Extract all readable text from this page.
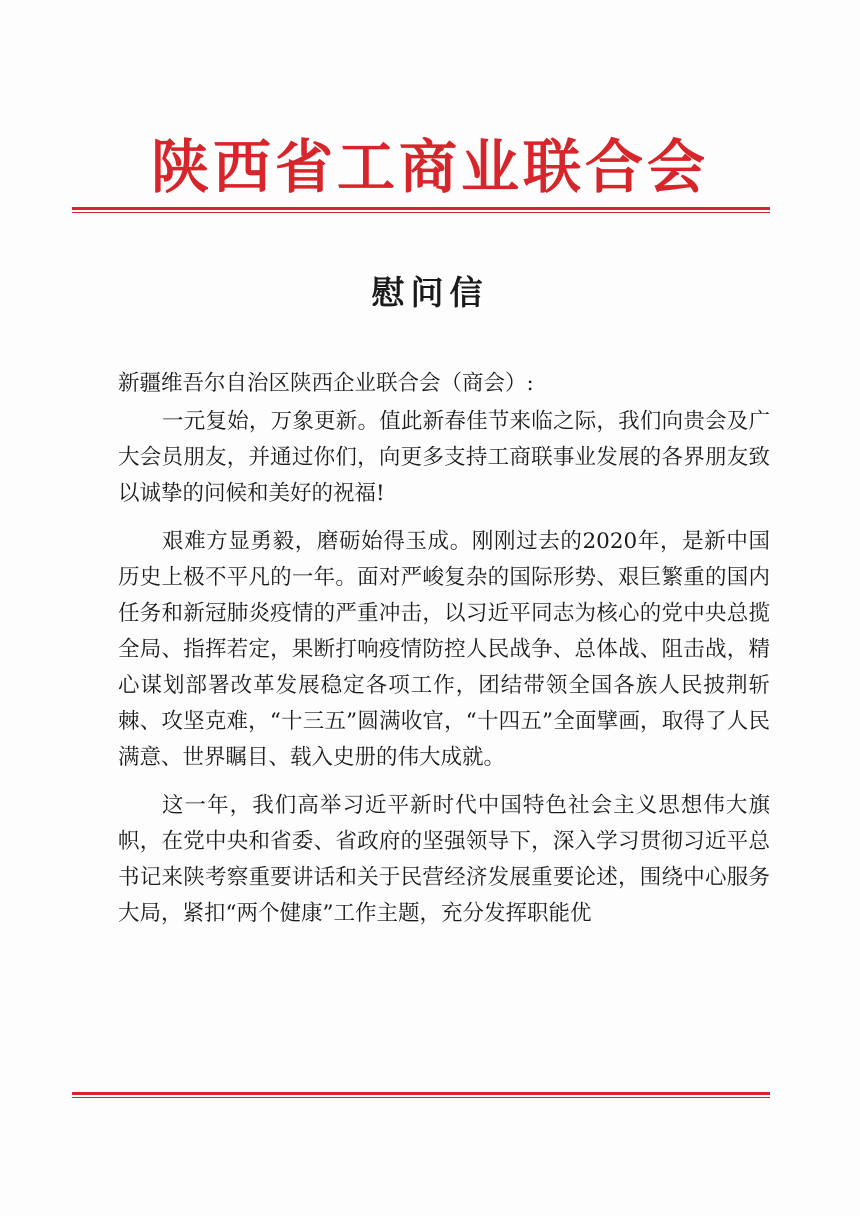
陕西省工商业联合会
慰问信

新疆维吾尔自治区陕西企业联合会（商会）:

一元复始，万象更新。值此新春佳节来临之际，我们向贵会及广大会员朋友，并通过你们，向更多支持工商联事业发展的各界朋友致以诚挚的问候和美好的祝福!

艰难方显勇毅，磨砺始得玉成。刚刚过去的2020年，是新中国历史上极不平凡的一年。面对严峻复杂的国际形势、艰巨繁重的国内任务和新冠肺炎疫情的严重冲击，以习近平同志为核心的党中央总揽全局、指挥若定，果断打响疫情防控人民战争、总体战、阻击战，精心谋划部署改革发展稳定各项工作，团结带领全国各族人民披荆斩棘、攻坚克难，“十三五”圆满收官，“十四五”全面擘画，取得了人民满意、世界瞩目、载入史册的伟大成就。

这一年，我们高举习近平新时代中国特色社会主义思想伟大旗帜，在党中央和省委、省政府的坚强领导下，深入学习贯彻习近平总书记来陕考察重要讲话和关于民营经济发展重要论述，围绕中心服务大局，紧扣“两个健康”工作主题，充分发挥职能优
